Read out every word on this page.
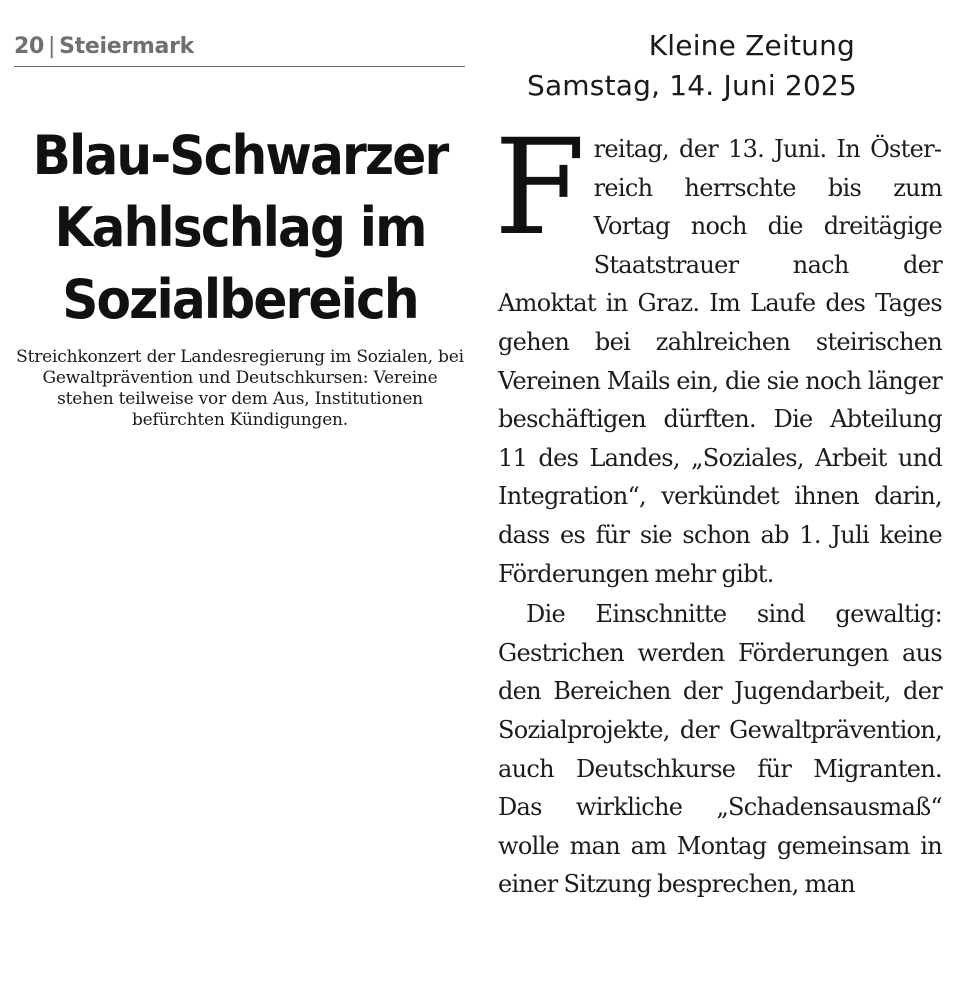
20 | Steiermark	Kleine Zeitung
Samstag, 14. Juni 2025
Blau-Schwarzer Kahlschlag im Sozialbereich

Streichkonzert der Landesregierung im Sozialen, bei Gewaltprävention und Deutschkursen: Vereine stehen teilweise vor dem Aus, Institutionen befürchten Kündigungen.

Freitag, der 13. Juni. In Österreich herrschte bis zum Vortag noch die dreitägige Staatstrauer nach der Amoktat in Graz. Im Laufe des Tages gehen bei zahlreichen steirischen Vereinen Mails ein, die sie noch länger beschäftigen dürften. Die Abteilung 11 des Landes, „Soziales, Arbeit und Integration“, verkündet ihnen darin, dass es für sie schon ab 1. Juli keine Förderungen mehr gibt.

Die Einschnitte sind gewaltig: Gestrichen werden Förderungen aus den Bereichen der Jugendarbeit, der Sozialprojekte, der Gewaltprävention, auch Deutschkurse für Migranten. Das wirkliche „Schadensausmaß“ wolle man am Montag gemeinsam in einer Sitzung besprechen, man
